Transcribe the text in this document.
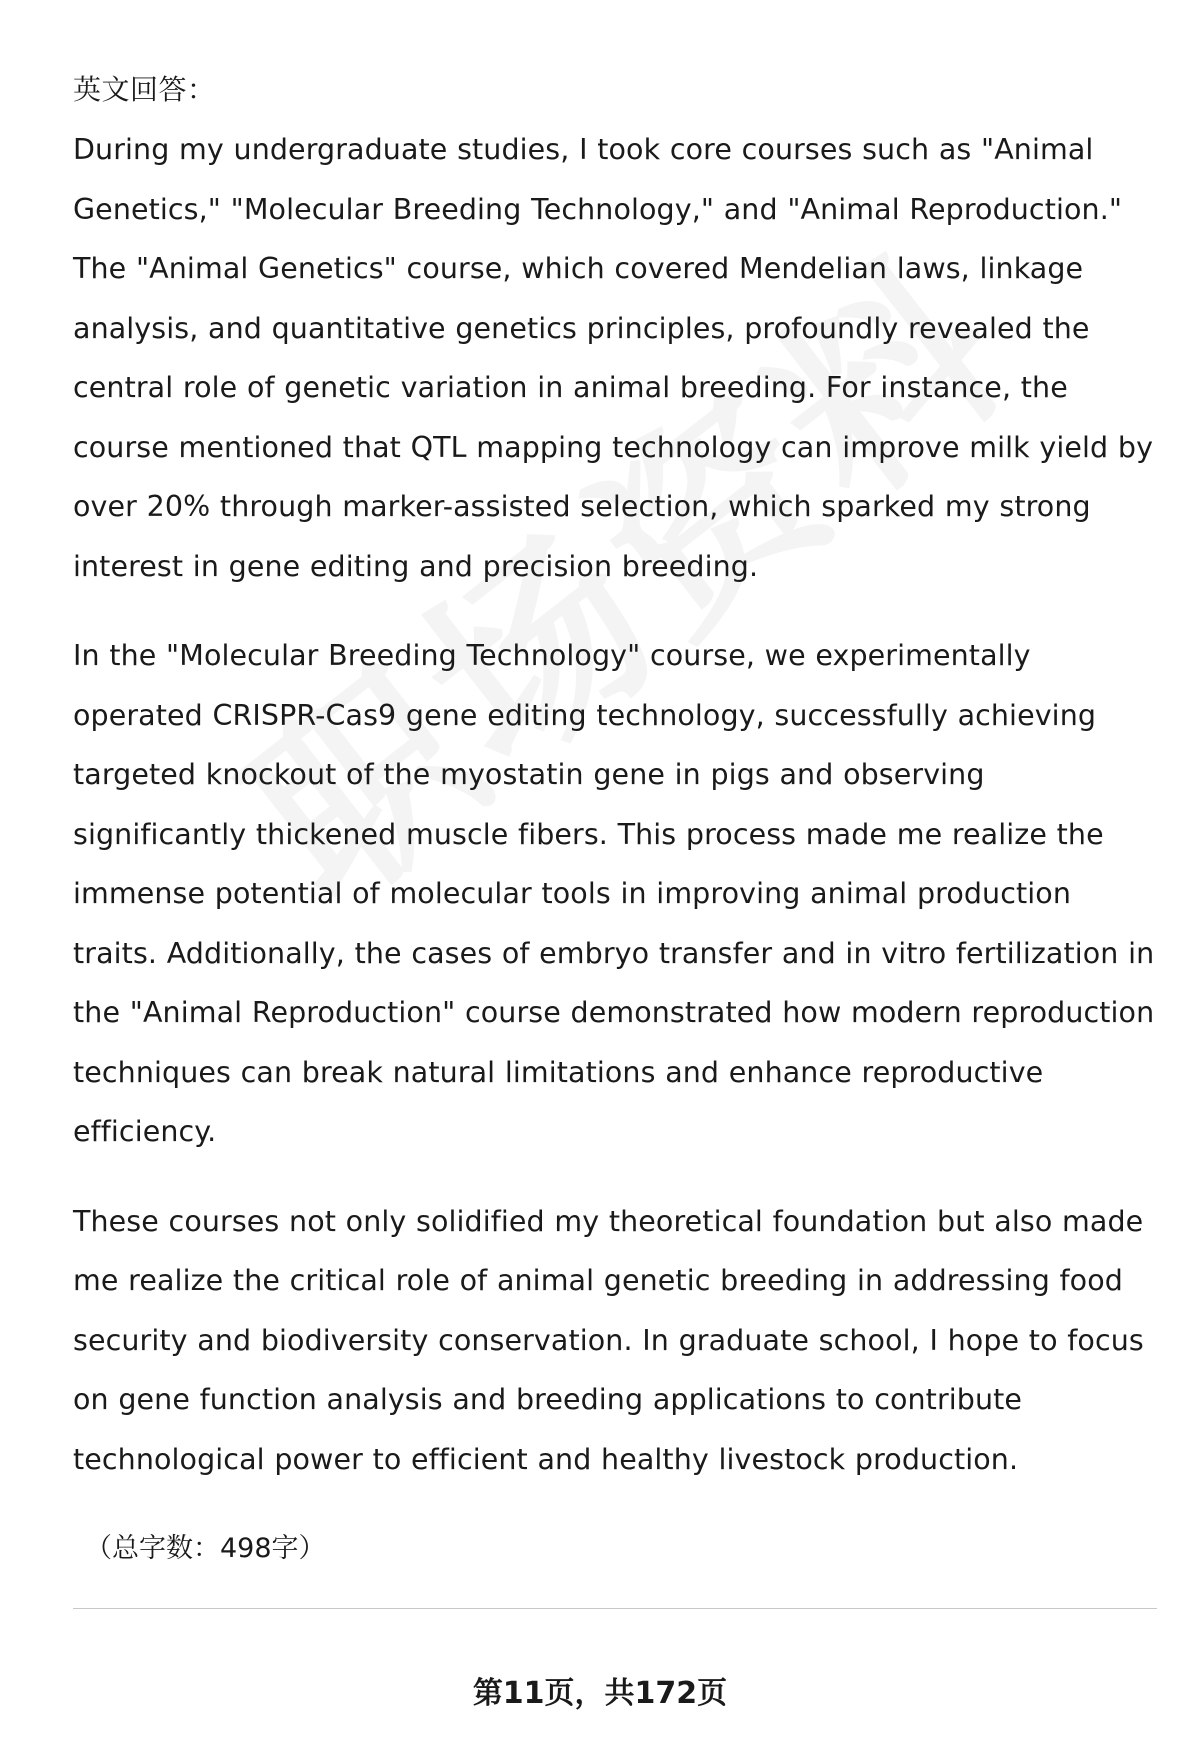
英文回答：

During my undergraduate studies, I took core courses such as "Animal Genetics," "Molecular Breeding Technology," and "Animal Reproduction." The "Animal Genetics" course, which covered Mendelian laws, linkage analysis, and quantitative genetics principles, profoundly revealed the central role of genetic variation in animal breeding. For instance, the course mentioned that QTL mapping technology can improve milk yield by over 20% through marker-assisted selection, which sparked my strong interest in gene editing and precision breeding.

In the "Molecular Breeding Technology" course, we experimentally operated CRISPR-Cas9 gene editing technology, successfully achieving targeted knockout of the myostatin gene in pigs and observing significantly thickened muscle fibers. This process made me realize the immense potential of molecular tools in improving animal production traits. Additionally, the cases of embryo transfer and in vitro fertilization in the "Animal Reproduction" course demonstrated how modern reproduction techniques can break natural limitations and enhance reproductive efficiency.

These courses not only solidified my theoretical foundation but also made me realize the critical role of animal genetic breeding in addressing food security and biodiversity conservation. In graduate school, I hope to focus on gene function analysis and breeding applications to contribute technological power to efficient and healthy livestock production.

（总字数：498字）

第11页，共172页
